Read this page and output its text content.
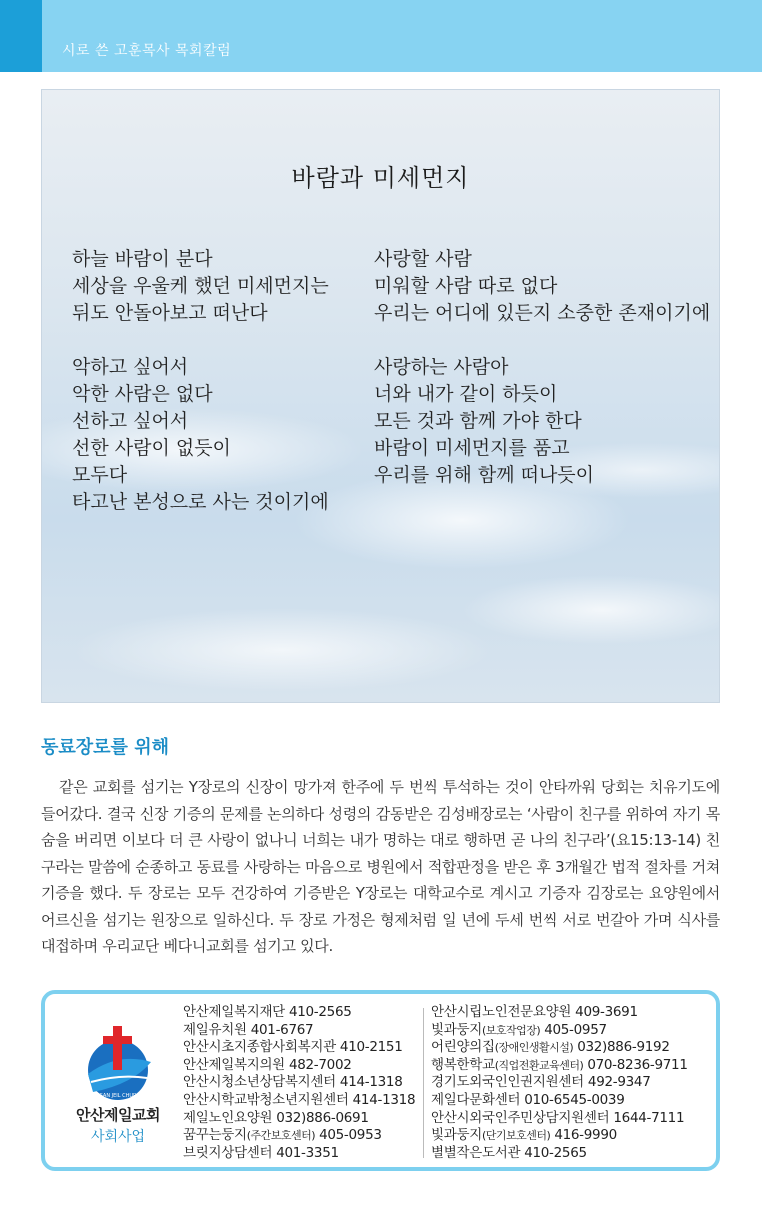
시로 쓴 고훈목사 목회칼럼
바람과 미세먼지
하늘 바람이 분다
세상을 우울케 했던 미세먼지는
뒤도 안돌아보고 떠난다
악하고 싶어서
악한 사람은 없다
선하고 싶어서
선한 사람이 없듯이
모두다
타고난 본성으로 사는 것이기에
사랑할 사람
미워할 사람 따로 없다
우리는 어디에 있든지 소중한 존재이기에
사랑하는 사람아
너와 내가 같이 하듯이
모든 것과 함께 가야 한다
바람이 미세먼지를 품고
우리를 위해 함께 떠나듯이
동료장로를 위해

같은 교회를 섬기는 Y장로의 신장이 망가져 한주에 두 번씩 투석하는 것이 안타까워 당회는 치유기도에 들어갔다. 결국 신장 기증의 문제를 논의하다 성령의 감동받은 김성배장로는 ‘사람이 친구를 위하여 자기 목숨을 버리면 이보다 더 큰 사랑이 없나니 너희는 내가 명하는 대로 행하면 곧 나의 친구라’(요15:13-14) 친구라는 말씀에 순종하고 동료를 사랑하는 마음으로 병원에서 적합판정을 받은 후 3개월간 법적 절차를 거쳐 기증을 했다. 두 장로는 모두 건강하여 기증받은 Y장로는 대학교수로 계시고 기증자 김장로는 요양원에서 어르신을 섬기는 원장으로 일하신다. 두 장로 가정은 형제처럼 일 년에 두세 번씩 서로 번갈아 가며 식사를 대접하며 우리교단 베다니교회를 섬기고 있다.

ANSAN JEIL CHURCH
안산제일교회
사회사업
안산제일복지재단 410-2565
제일유치원 401-6767
안산시초지종합사회복지관 410-2151
안산제일복지의원 482-7002
안산시청소년상담복지센터 414-1318
안산시학교밖청소년지원센터 414-1318
제일노인요양원 032)886-0691
꿈꾸는둥지(주간보호센터) 405-0953
브릿지상담센터 401-3351
안산시립노인전문요양원 409-3691
빛과둥지(보호작업장) 405-0957
어린양의집(장애인생활시설) 032)886-9192
행복한학교(직업전환교육센터) 070-8236-9711
경기도외국인인권지원센터 492-9347
제일다문화센터 010-6545-0039
안산시외국인주민상담지원센터 1644-7111
빛과둥지(단기보호센터) 416-9990
별별작은도서관 410-2565
